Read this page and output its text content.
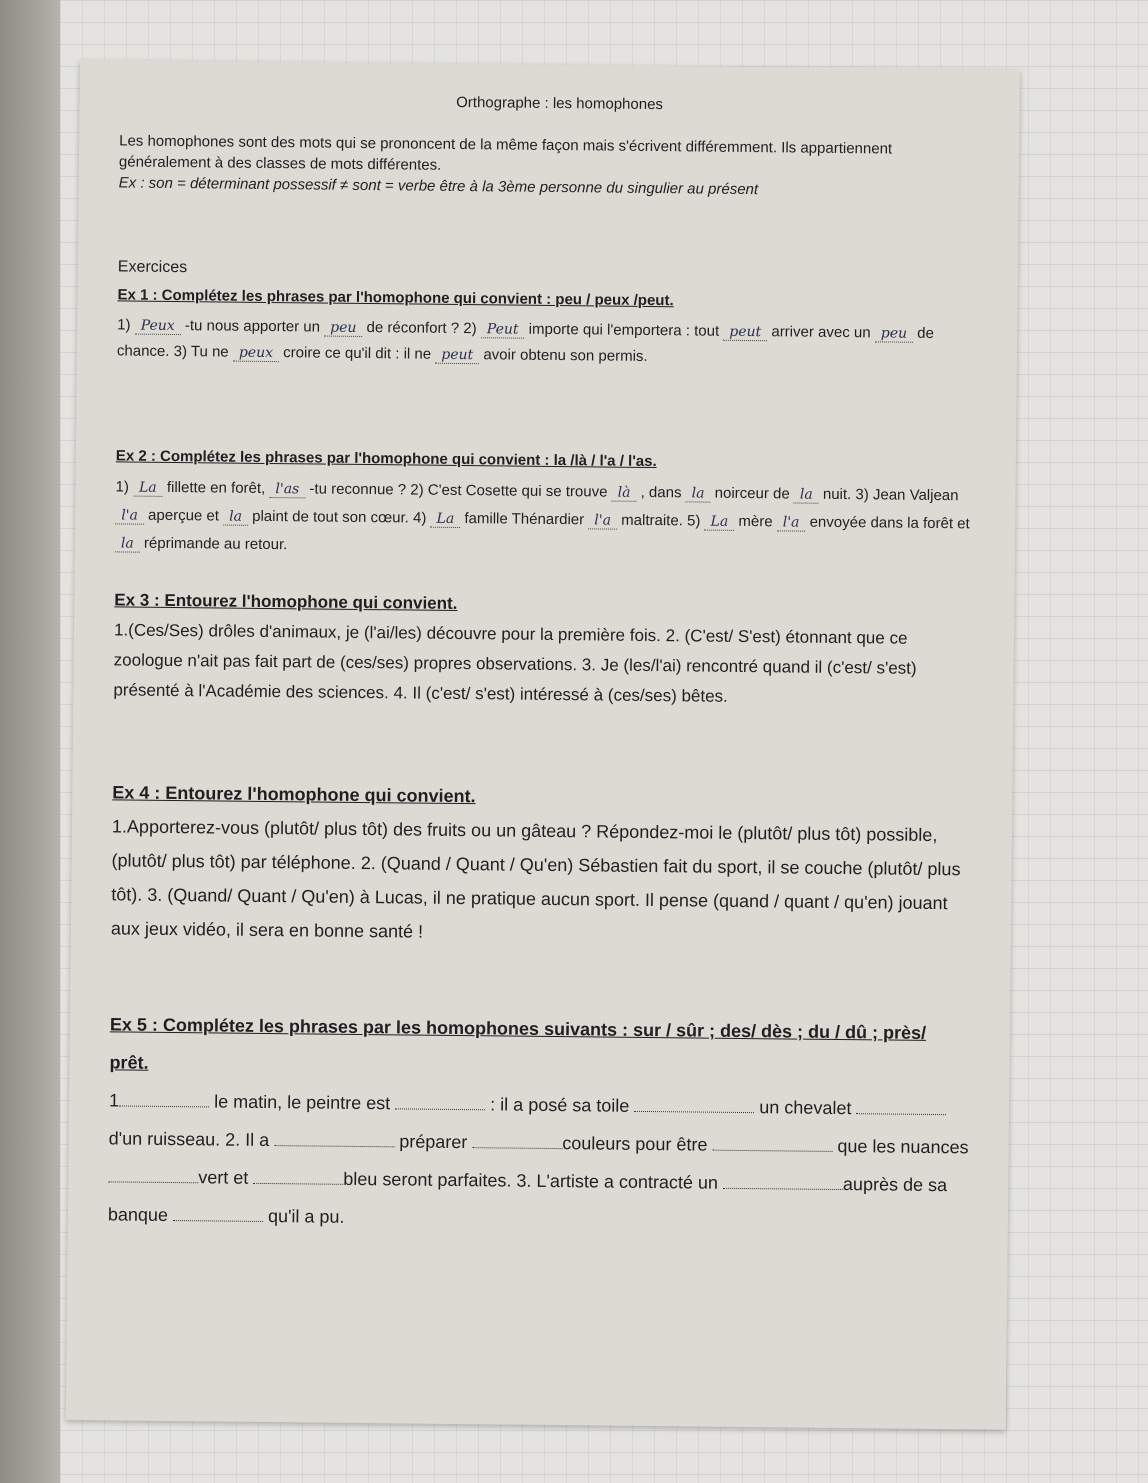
Orthographe : les homophones
Les homophones sont des mots qui se prononcent de la même façon mais s'écrivent différemment. Ils appartiennent généralement à des classes de mots différentes.
Ex : son = déterminant possessif ≠ sont = verbe être à la 3ème personne du singulier au présent
Exercices
Ex 1 : Complétez les phrases par l'homophone qui convient : peu / peux /peut.
1) Peux -tu nous apporter un peu de réconfort ? 2) Peut importe qui l'emportera : tout peut arriver avec un peu de chance. 3) Tu ne peux croire ce qu'il dit : il ne peut avoir obtenu son permis.
Ex 2 : Complétez les phrases par l'homophone qui convient : la /là / l'a / l'as.
1) La fillette en forêt, l'as -tu reconnue ? 2) C'est Cosette qui se trouve là , dans la noirceur de la nuit. 3) Jean Valjean l'a aperçue et la plaint de tout son cœur. 4) La famille Thénardier l'a maltraite. 5) La mère l'a envoyée dans la forêt et la réprimande au retour.
Ex 3 : Entourez l'homophone qui convient.
1.(Ces/Ses) drôles d'animaux, je (l'ai/les) découvre pour la première fois. 2. (C'est/ S'est) étonnant que ce zoologue n'ait pas fait part de (ces/ses) propres observations. 3. Je (les/l'ai) rencontré quand il (c'est/ s'est) présenté à l'Académie des sciences. 4. Il (c'est/ s'est) intéressé à (ces/ses) bêtes.
Ex 4 : Entourez l'homophone qui convient.
1.Apporterez-vous (plutôt/ plus tôt) des fruits ou un gâteau ? Répondez-moi le (plutôt/ plus tôt) possible, (plutôt/ plus tôt) par téléphone. 2. (Quand / Quant / Qu'en) Sébastien fait du sport, il se couche (plutôt/ plus tôt). 3. (Quand/ Quant / Qu'en) à Lucas, il ne pratique aucun sport. Il pense (quand / quant / qu'en) jouant aux jeux vidéo, il sera en bonne santé !
Ex 5 : Complétez les phrases par les homophones suivants : sur / sûr ; des/ dès ; du / dû ; près/ prêt.
1	le matin, le peintre est	: il a posé sa toile	un chevalet d'un ruisseau. 2. Il a	préparer	couleurs pour être	que les nuances vert et	bleu seront parfaites. 3. L'artiste a contracté un	auprès de sa banque	qu'il a pu.
